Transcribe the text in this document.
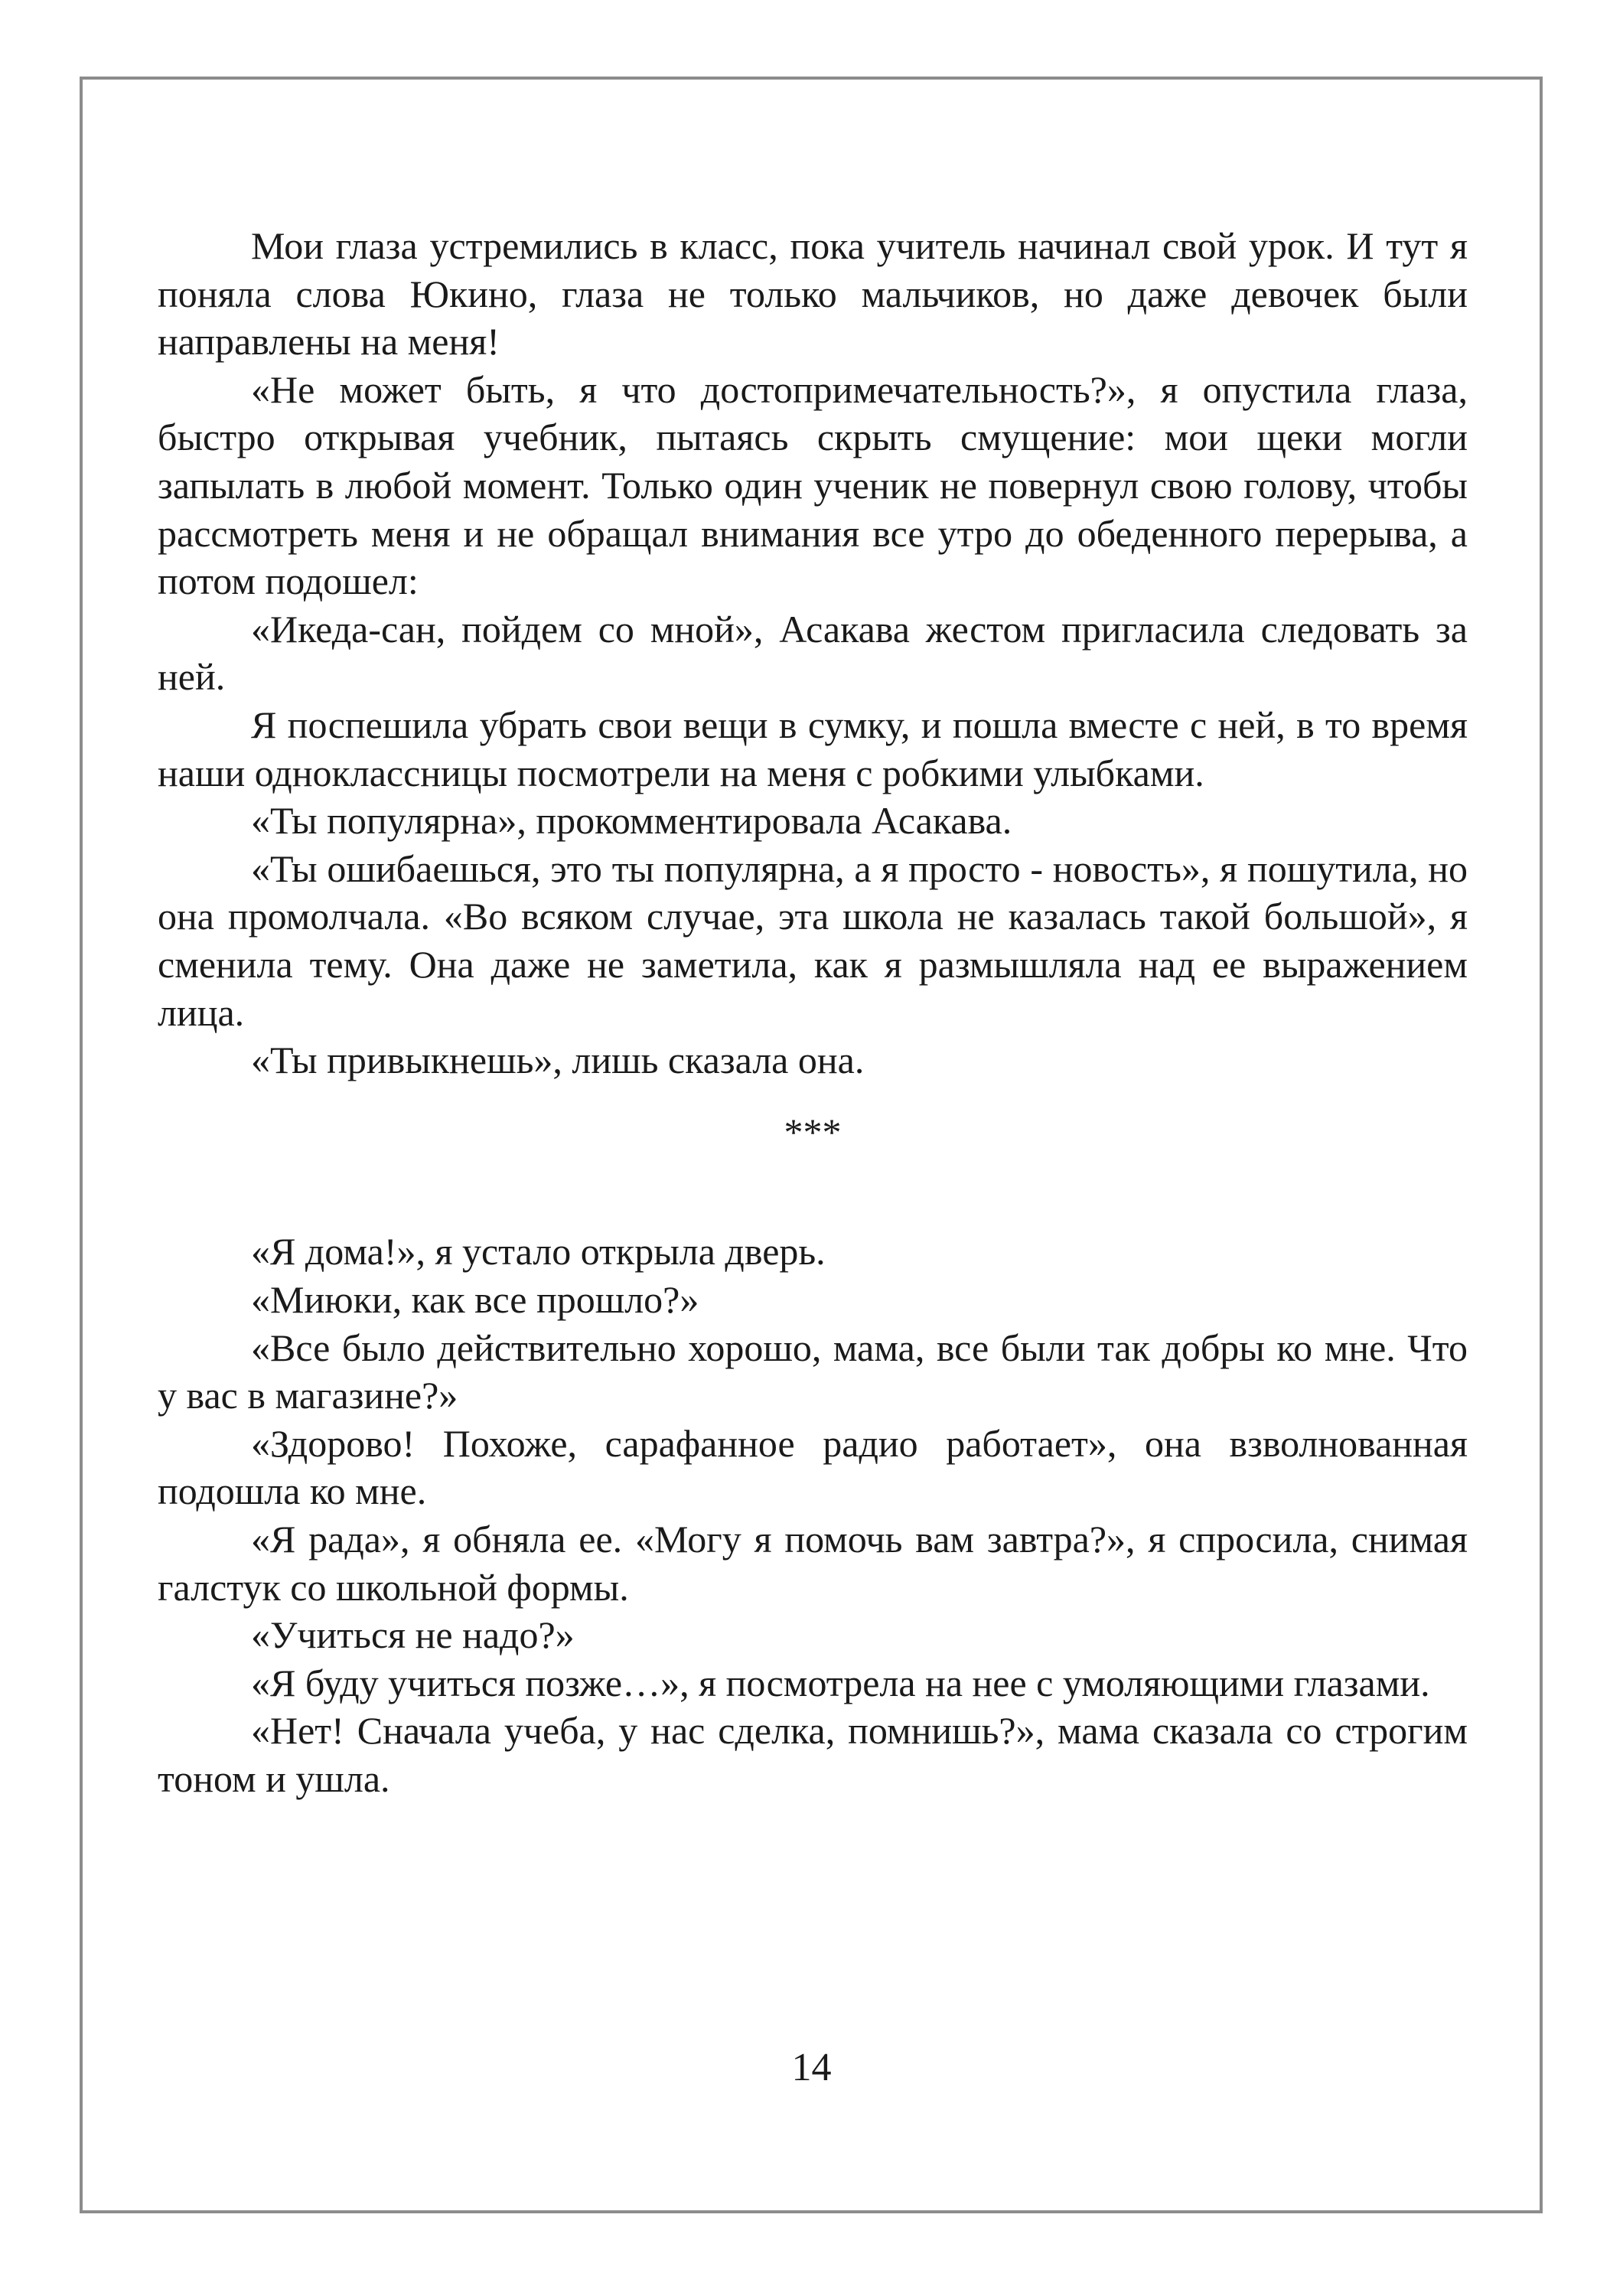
Мои глаза устремились в класс, пока учитель начинал свой урок. И тут я поняла слова Юкино, глаза не только мальчиков, но даже девочек были направлены на меня!

«Не может быть, я что достопримечательность?», я опустила глаза, быстро открывая учебник, пытаясь скрыть смущение: мои щеки могли запылать в любой момент. Только один ученик не повернул свою голову, чтобы рассмотреть меня и не обращал внимания все утро до обеденного перерыва, а потом подошел:

«Икеда-сан, пойдем со мной», Асакава жестом пригласила следовать за ней.

Я поспешила убрать свои вещи в сумку, и пошла вместе с ней, в то время наши одноклассницы посмотрели на меня с робкими улыбками.

«Ты популярна», прокомментировала Асакава.

«Ты ошибаешься, это ты популярна, а я просто - новость», я пошутила, но она промолчала. «Во всяком случае, эта школа не казалась такой большой», я сменила тему. Она даже не заметила, как я размышляла над ее выражением лица.

«Ты привыкнешь», лишь сказала она.

***

«Я дома!», я устало открыла дверь.

«Миюки, как все прошло?»

«Все было действительно хорошо, мама, все были так добры ко мне. Что у вас в магазине?»

«Здорово! Похоже, сарафанное радио работает», она взволнованная подошла ко мне.

«Я рада», я обняла ее. «Могу я помочь вам завтра?», я спросила, снимая галстук со школьной формы.

«Учиться не надо?»

«Я буду учиться позже…», я посмотрела на нее с умоляющими глазами.

«Нет! Сначала учеба, у нас сделка, помнишь?», мама сказала со строгим тоном и ушла.

14
